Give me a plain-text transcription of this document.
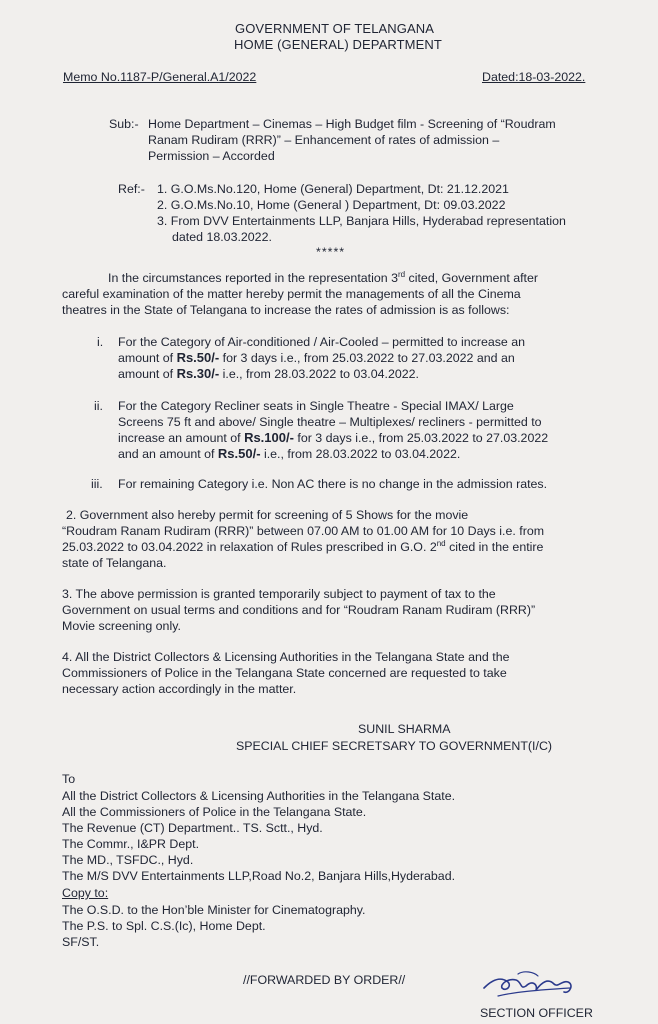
GOVERNMENT OF TELANGANA
HOME (GENERAL) DEPARTMENT
Memo No.1187-P/General.A1/2022	Dated:18-03-2022.
Sub:- Home Department – Cinemas – High Budget film - Screening of “Roudram
Ranam Rudiram (RRR)” – Enhancement of rates of admission –
Permission – Accorded
Ref:- 1. G.O.Ms.No.120, Home (General) Department, Dt: 21.12.2021
2. G.O.Ms.No.10, Home (General ) Department, Dt: 09.03.2022
3. From DVV Entertainments LLP, Banjara Hills, Hyderabad representation
dated 18.03.2022.
*****
In the circumstances reported in the representation 3rd cited, Government after
careful examination of the matter hereby permit the managements of all the Cinema
theatres in the State of Telangana to increase the rates of admission is as follows:
i. For the Category of Air-conditioned / Air-Cooled – permitted to increase an
amount of Rs.50/- for 3 days i.e., from 25.03.2022 to 27.03.2022 and an
amount of Rs.30/- i.e., from 28.03.2022 to 03.04.2022.
ii. For the Category Recliner seats in Single Theatre - Special IMAX/ Large
Screens 75 ft and above/ Single theatre – Multiplexes/ recliners - permitted to
increase an amount of Rs.100/- for 3 days i.e., from 25.03.2022 to 27.03.2022
and an amount of Rs.50/- i.e., from 28.03.2022 to 03.04.2022.
iii. For remaining Category i.e. Non AC there is no change in the admission rates.
2. Government also hereby permit for screening of 5 Shows for the movie
“Roudram Ranam Rudiram (RRR)” between 07.00 AM to 01.00 AM for 10 Days i.e. from
25.03.2022 to 03.04.2022 in relaxation of Rules prescribed in G.O. 2nd cited in the entire
state of Telangana.
3. The above permission is granted temporarily subject to payment of tax to the
Government on usual terms and conditions and for “Roudram Ranam Rudiram (RRR)”
Movie screening only.
4. All the District Collectors & Licensing Authorities in the Telangana State and the
Commissioners of Police in the Telangana State concerned are requested to take
necessary action accordingly in the matter.
SUNIL SHARMA
SPECIAL CHIEF SECRETSARY TO GOVERNMENT(I/C)
To
All the District Collectors & Licensing Authorities in the Telangana State.
All the Commissioners of Police in the Telangana State.
The Revenue (CT) Department.. TS. Sctt., Hyd.
The Commr., I&PR Dept.
The MD., TSFDC., Hyd.
The M/S DVV Entertainments LLP,Road No.2, Banjara Hills,Hyderabad.
Copy to:
The O.S.D. to the Hon’ble Minister for Cinematography.
The P.S. to Spl. C.S.(Ic), Home Dept.
SF/ST.
//FORWARDED BY ORDER//
SECTION OFFICER
